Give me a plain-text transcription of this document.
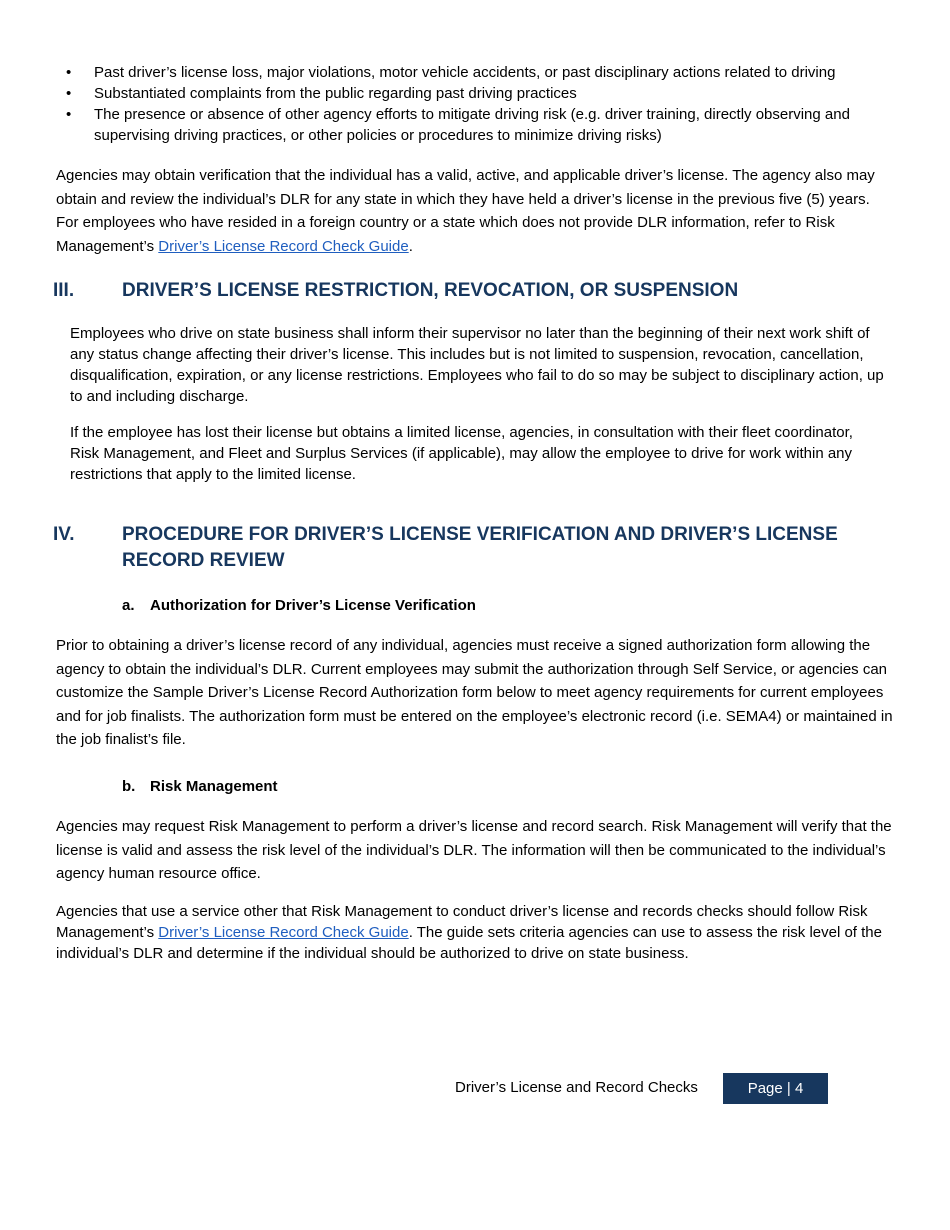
• Past driver’s license loss, major violations, motor vehicle accidents, or past disciplinary actions related to driving
• Substantiated complaints from the public regarding past driving practices
• The presence or absence of other agency efforts to mitigate driving risk (e.g. driver training, directly observing and supervising driving practices, or other policies or procedures to minimize driving risks)

Agencies may obtain verification that the individual has a valid, active, and applicable driver’s license. The agency also may obtain and review the individual’s DLR for any state in which they have held a driver’s license in the previous five (5) years. For employees who have resided in a foreign country or a state which does not provide DLR information, refer to Risk Management’s Driver’s License Record Check Guide.

III.	DRIVER’S LICENSE RESTRICTION, REVOCATION, OR SUSPENSION

Employees who drive on state business shall inform their supervisor no later than the beginning of their next work shift of any status change affecting their driver’s license. This includes but is not limited to suspension, revocation, cancellation, disqualification, expiration, or any license restrictions. Employees who fail to do so may be subject to disciplinary action, up to and including discharge.

If the employee has lost their license but obtains a limited license, agencies, in consultation with their fleet coordinator, Risk Management, and Fleet and Surplus Services (if applicable), may allow the employee to drive for work within any restrictions that apply to the limited license.

IV.	PROCEDURE FOR DRIVER’S LICENSE VERIFICATION AND DRIVER’S LICENSE RECORD REVIEW
a. Authorization for Driver’s License Verification

Prior to obtaining a driver’s license record of any individual, agencies must receive a signed authorization form allowing the agency to obtain the individual’s DLR. Current employees may submit the authorization through Self Service, or agencies can customize the Sample Driver’s License Record Authorization form below to meet agency requirements for current employees and for job finalists. The authorization form must be entered on the employee’s electronic record (i.e. SEMA4) or maintained in the job finalist’s file.

b. Risk Management

Agencies may request Risk Management to perform a driver’s license and record search. Risk Management will verify that the license is valid and assess the risk level of the individual’s DLR. The information will then be communicated to the individual’s agency human resource office.

Agencies that use a service other that Risk Management to conduct driver’s license and records checks should follow Risk Management’s Driver’s License Record Check Guide. The guide sets criteria agencies can use to assess the risk level of the individual’s DLR and determine if the individual should be authorized to drive on state business.

Driver’s License and Record Checks	Page | 4
